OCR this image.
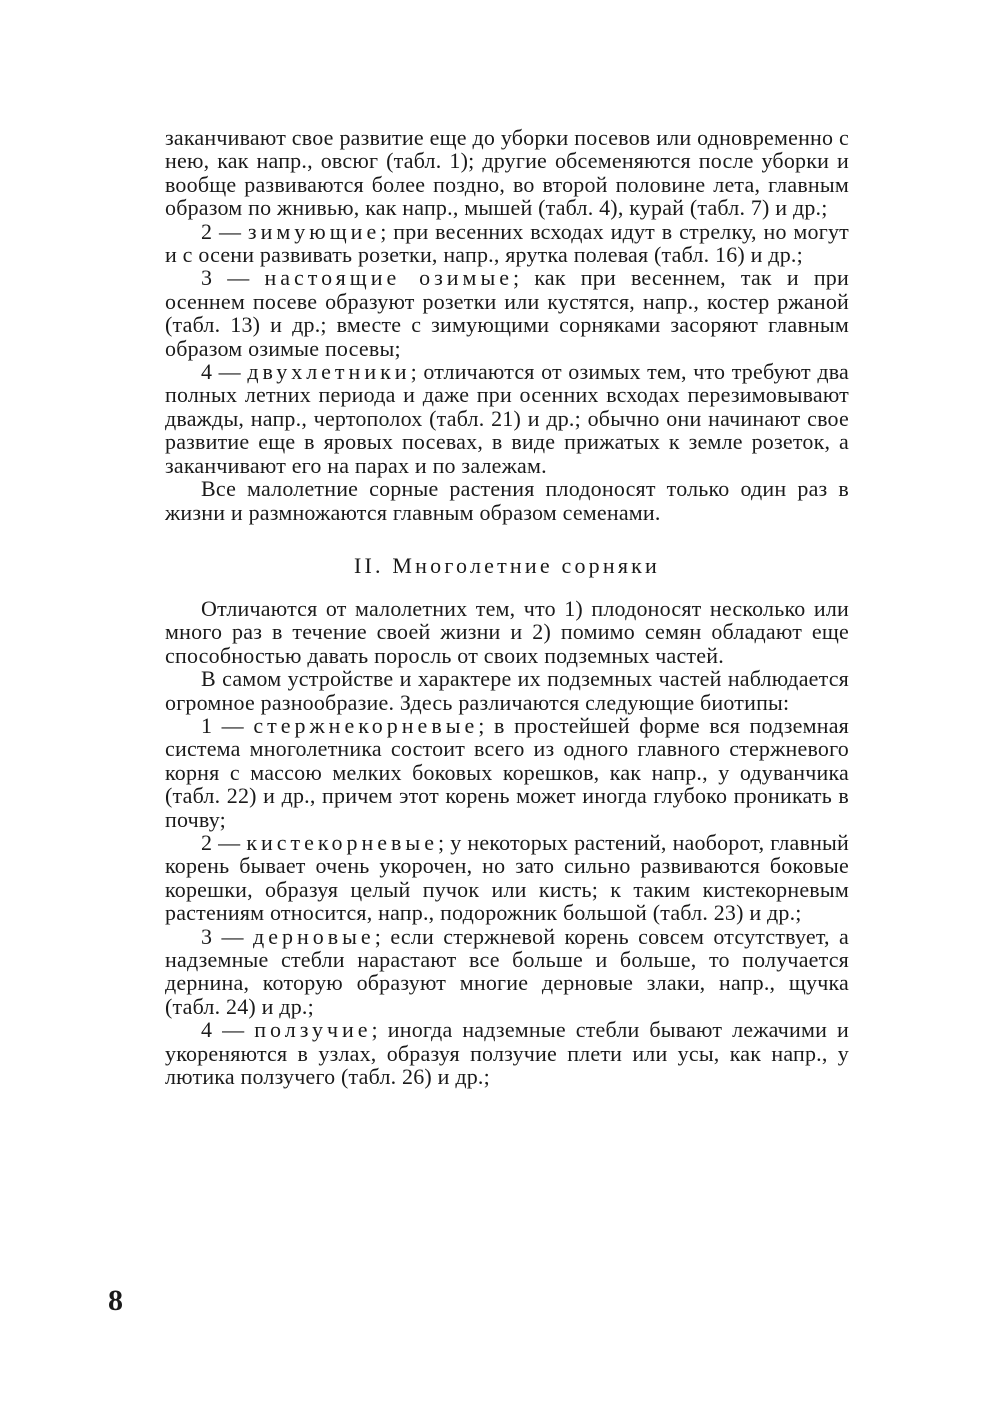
заканчивают свое развитие еще до уборки посевов или одновременно с нею, как напр., овсюг (табл. 1); другие обсеменяются после уборки и вообще развиваются более поздно, во второй половине лета, главным образом по жнивью, как напр., мышей (табл. 4), курай (табл. 7) и др.;

2 — зимующие; при весенних всходах идут в стрелку, но могут и с осени развивать розетки, напр., ярутка полевая (табл. 16) и др.;

3 — настоящие озимые; как при весеннем, так и при осеннем посеве образуют розетки или кустятся, напр., костер ржаной (табл. 13) и др.; вместе с зимующими сорняками засоряют главным образом озимые посевы;

4 — двухлетники; отличаются от озимых тем, что требуют два полных летних периода и даже при осенних всходах перезимовывают дважды, напр., чертополох (табл. 21) и др.; обычно они начинают свое развитие еще в яровых посевах, в виде прижатых к земле розеток, а заканчивают его на парах и по залежам.

Все малолетние сорные растения плодоносят только один раз в жизни и размножаются главным образом семенами.

II. Многолетние сорняки

Отличаются от малолетних тем, что 1) плодоносят несколько или много раз в течение своей жизни и 2) помимо семян обладают еще способностью давать поросль от своих подземных частей.

В самом устройстве и характере их подземных частей наблюдается огромное разнообразие. Здесь различаются следующие биотипы:

1 — стержнекорневые; в простейшей форме вся подземная система многолетника состоит всего из одного главного стержневого корня с массою мелких боковых корешков, как напр., у одуванчика (табл. 22) и др., причем этот корень может иногда глубоко проникать в почву;

2 — кистекорневые; у некоторых растений, наоборот, главный корень бывает очень укорочен, но зато сильно развиваются боковые корешки, образуя целый пучок или кисть; к таким кистекорневым растениям относится, напр., подорожник большой (табл. 23) и др.;

3 — дерновые; если стержневой корень совсем отсутствует, а надземные стебли нарастают все больше и больше, то получается дернина, которую образуют многие дерновые злаки, напр., щучка (табл. 24) и др.;

4 — ползучие; иногда надземные стебли бывают лежачими и укореняются в узлах, образуя ползучие плети или усы, как напр., у лютика ползучего (табл. 26) и др.;

8
